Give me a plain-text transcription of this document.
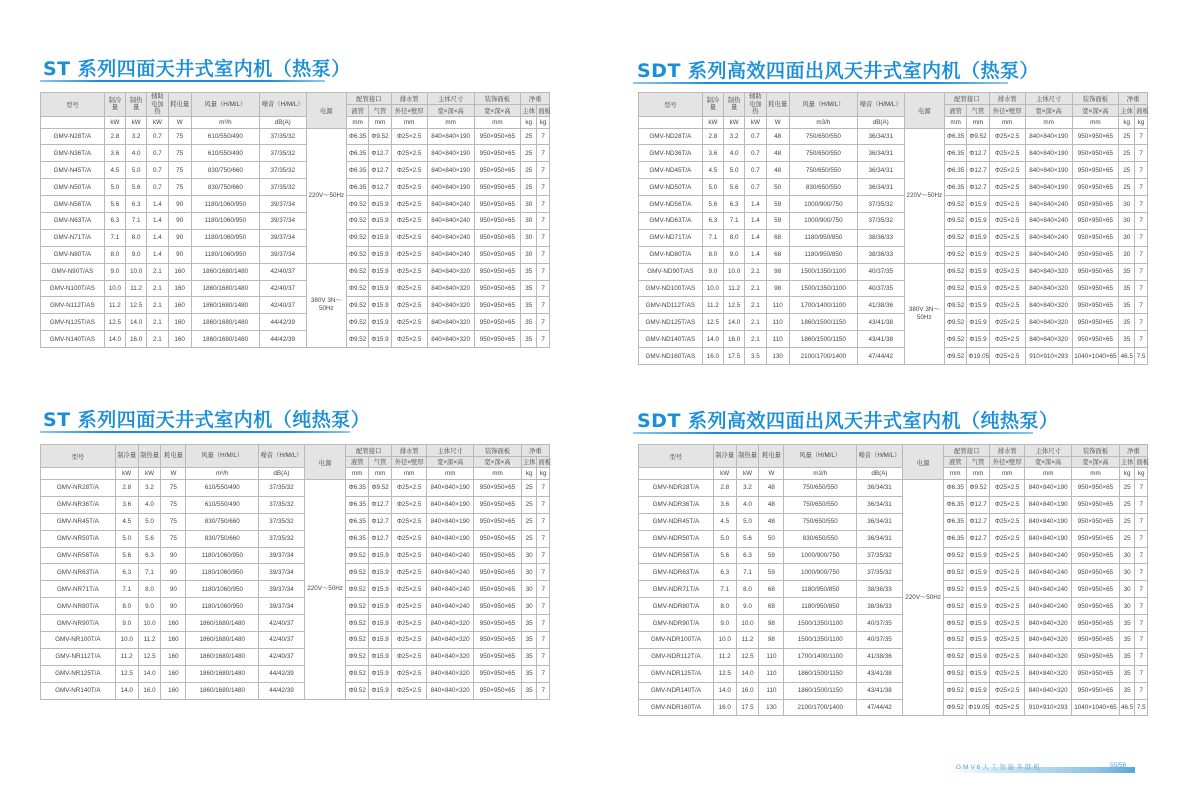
ST 系列四面天井式室内机（热泵）	SDT 系列高效四面出风天井式室内机（热泵）
ST 系列四面天井式室内机（纯热泵）	SDT 系列高效四面出风天井式室内机（纯热泵）
型号	制冷量	制热量	辅助电加热	耗电量	风量（H/M/L）	噪音（H/M/L）	电源	配管接口		排水管	主体尺寸	装饰面板	净重	
								液管	气管	外径×壁厚	宽×深×高	宽×深×高	主体	面板
	kW	kW	kW	W	m³/h	dB(A)		mm	mm	mm	mm	mm	kg	kg
GMV-N28T/A	2.8	3.2	0.7	75	610/550/490	37/35/32	220V～50Hz	Φ6.35	Φ9.52	Φ25×2.5	840×840×190	950×950×65	25	7
GMV-N36T/A	3.6	4.0	0.7	75	610/550/490	37/35/32		Φ6.35	Φ12.7	Φ25×2.5	840×840×190	950×950×65	25	7
GMV-N45T/A	4.5	5.0	0.7	75	830/750/660	37/35/32		Φ6.35	Φ12.7	Φ25×2.5	840×840×190	950×950×65	25	7
GMV-N50T/A	5.0	5.6	0.7	75	830/750/660	37/35/32		Φ6.35	Φ12.7	Φ25×2.5	840×840×190	950×950×65	25	7
GMV-N56T/A	5.6	6.3	1.4	90	1180/1060/950	39/37/34		Φ9.52	Φ15.9	Φ25×2.5	840×840×240	950×950×65	30	7
GMV-N63T/A	6.3	7.1	1.4	90	1180/1060/950	39/37/34		Φ9.52	Φ15.9	Φ25×2.5	840×840×240	950×950×65	30	7
GMV-N71T/A	7.1	8.0	1.4	90	1180/1060/950	39/37/34		Φ9.52	Φ15.9	Φ25×2.5	840×840×240	950×950×65	30	7
GMV-N80T/A	8.0	9.0	1.4	90	1180/1060/950	39/37/34		Φ9.52	Φ15.9	Φ25×2.5	840×840×240	950×950×65	30	7
GMV-N90T/AS	9.0	10.0	2.1	160	1860/1680/1480	42/40/37	380V 3N～50Hz	Φ9.52	Φ15.9	Φ25×2.5	840×840×320	950×950×65	35	7
GMV-N100T/AS	10.0	11.2	2.1	160	1860/1680/1480	42/40/37		Φ9.52	Φ15.9	Φ25×2.5	840×840×320	950×950×65	35	7
GMV-N112T/AS	11.2	12.5	2.1	160	1860/1680/1480	42/40/37		Φ9.52	Φ15.9	Φ25×2.5	840×840×320	950×950×65	35	7
GMV-N125T/AS	12.5	14.0	2.1	160	1860/1680/1480	44/42/39		Φ9.52	Φ15.9	Φ25×2.5	840×840×320	950×950×65	35	7
GMV-N140T/AS	14.0	16.0	2.1	160	1860/1680/1480	44/42/39		Φ9.52	Φ15.9	Φ25×2.5	840×840×320	950×950×65	35	7
型号	制冷量	制热量	辅助电加热	耗电量	风量（H/M/L）	噪音（H/M/L）	电源	配管接口		排水管	主体尺寸	装饰面板	净重	
								液管	气管	外径×壁厚	宽×深×高	宽×深×高	主体	面板
	kW	kW	kW	W	m3/h	dB(A)		mm	mm	mm	mm	mm	kg	kg
GMV-ND28T/A	2.8	3.2	0.7	48	750/650/550	36/34/31	220V～50Hz	Φ6.35	Φ9.52	Φ25×2.5	840×840×190	950×950×65	25	7
GMV-ND36T/A	3.6	4.0	0.7	48	750/650/550	36/34/31		Φ6.35	Φ12.7	Φ25×2.5	840×840×190	950×950×65	25	7
GMV-ND45T/A	4.5	5.0	0.7	48	750/650/550	36/34/31		Φ6.35	Φ12.7	Φ25×2.5	840×840×190	950×950×65	25	7
GMV-ND50T/A	5.0	5.6	0.7	50	830/650/550	36/34/31		Φ6.35	Φ12.7	Φ25×2.5	840×840×190	950×950×65	25	7
GMV-ND56T/A	5.6	6.3	1.4	59	1000/900/750	37/35/32		Φ9.52	Φ15.9	Φ25×2.5	840×840×240	950×950×65	30	7
GMV-ND63T/A	6.3	7.1	1.4	59	1000/900/750	37/35/32		Φ9.52	Φ15.9	Φ25×2.5	840×840×240	950×950×65	30	7
GMV-ND71T/A	7.1	8.0	1.4	68	1180/950/850	38/36/33		Φ9.52	Φ15.9	Φ25×2.5	840×840×240	950×950×65	30	7
GMV-ND80T/A	8.0	9.0	1.4	68	1180/950/850	38/36/33		Φ9.52	Φ15.9	Φ25×2.5	840×840×240	950×950×65	30	7
GMV-ND90T/AS	9.0	10.0	2.1	98	1500/1350/1100	40/37/35	380V 3N～50Hz	Φ9.52	Φ15.9	Φ25×2.5	840×840×320	950×950×65	35	7
GMV-ND100T/AS	10.0	11.2	2.1	98	1500/1350/1100	40/37/35		Φ9.52	Φ15.9	Φ25×2.5	840×840×320	950×950×65	35	7
GMV-ND112T/AS	11.2	12.5	2.1	110	1700/1400/1100	41/38/36		Φ9.52	Φ15.9	Φ25×2.5	840×840×320	950×950×65	35	7
GMV-ND125T/AS	12.5	14.0	2.1	110	1860/1500/1150	43/41/38		Φ9.52	Φ15.9	Φ25×2.5	840×840×320	950×950×65	35	7
GMV-ND140T/AS	14.0	16.0	2.1	110	1860/1500/1150	43/41/38		Φ9.52	Φ15.9	Φ25×2.5	840×840×320	950×950×65	35	7
GMV-ND160T/AS	16.0	17.5	3.5	130	2100/1700/1400	47/44/42		Φ9.52	Φ19.05	Φ25×2.5	910×910×293	1040×1040×65	46.5	7.5
型号	制冷量	制热量	耗电量	风量（H/M/L）	噪音（H/M/L）	电源	配管接口		排水管	主体尺寸	装饰面板	净重	
							液管	气管	外径×壁厚	宽×深×高	宽×深×高	主体	面板
	kW	kW	W	m³/h	dB(A)		mm	mm	mm	mm	mm	kg	kg
GMV-NR28T/A	2.8	3.2	75	610/550/490	37/35/32	220V～50Hz	Φ6.35	Φ9.52	Φ25×2.5	840×840×190	950×950×65	25	7
GMV-NR36T/A	3.6	4.0	75	610/550/490	37/35/32		Φ6.35	Φ12.7	Φ25×2.5	840×840×190	950×950×65	25	7
GMV-NR45T/A	4.5	5.0	75	830/750/660	37/35/32		Φ6.35	Φ12.7	Φ25×2.5	840×840×190	950×950×65	25	7
GMV-NR50T/A	5.0	5.6	75	830/750/660	37/35/32		Φ6.35	Φ12.7	Φ25×2.5	840×840×190	950×950×65	25	7
GMV-NR56T/A	5.6	6.3	90	1180/1060/950	39/37/34		Φ9.52	Φ15.9	Φ25×2.5	840×840×240	950×950×65	30	7
GMV-NR63T/A	6.3	7.1	90	1180/1060/950	39/37/34		Φ9.52	Φ15.9	Φ25×2.5	840×840×240	950×950×65	30	7
GMV-NR71T/A	7.1	8.0	90	1180/1060/950	39/37/34		Φ9.52	Φ15.9	Φ25×2.5	840×840×240	950×950×65	30	7
GMV-NR80T/A	8.0	9.0	90	1180/1060/950	39/37/34		Φ9.52	Φ15.9	Φ25×2.5	840×840×240	950×950×65	30	7
GMV-NR90T/A	9.0	10.0	160	1860/1680/1480	42/40/37		Φ9.52	Φ15.9	Φ25×2.5	840×840×320	950×950×65	35	7
GMV-NR100T/A	10.0	11.2	160	1860/1680/1480	42/40/37		Φ9.52	Φ15.9	Φ25×2.5	840×840×320	950×950×65	35	7
GMV-NR112T/A	11.2	12.5	160	1860/1680/1480	42/40/37		Φ9.52	Φ15.9	Φ25×2.5	840×840×320	950×950×65	35	7
GMV-NR125T/A	12.5	14.0	160	1860/1680/1480	44/42/39		Φ9.52	Φ15.9	Φ25×2.5	840×840×320	950×950×65	35	7
GMV-NR140T/A	14.0	16.0	160	1860/1680/1480	44/42/39		Φ9.52	Φ15.9	Φ25×2.5	840×840×320	950×950×65	35	7
型号	制冷量	制热量	耗电量	风量（H/M/L）	噪音（H/M/L）	电源	配管接口		排水管	主体尺寸	装饰面板	净重	
							液管	气管	外径×壁厚	宽×深×高	宽×深×高	主体	面板
	kW	kW	W	m3/h	dB(A)		mm	mm	mm	mm	mm	kg	kg
GMV-NDR28T/A	2.8	3.2	48	750/650/550	36/34/31	220V～50Hz	Φ6.35	Φ9.52	Φ25×2.5	840×840×190	950×950×65	25	7
GMV-NDR36T/A	3.6	4.0	48	750/650/550	36/34/31		Φ6.35	Φ12.7	Φ25×2.5	840×840×190	950×950×65	25	7
GMV-NDR45T/A	4.5	5.0	48	750/650/550	36/34/31		Φ6.35	Φ12.7	Φ25×2.5	840×840×190	950×950×65	25	7
GMV-NDR50T/A	5.0	5.6	50	830/650/550	36/34/31		Φ6.35	Φ12.7	Φ25×2.5	840×840×190	950×950×65	25	7
GMV-NDR56T/A	5.6	6.3	59	1000/900/750	37/35/32		Φ9.52	Φ15.9	Φ25×2.5	840×840×240	950×950×65	30	7
GMV-NDR63T/A	6.3	7.1	59	1000/900/750	37/35/32		Φ9.52	Φ15.9	Φ25×2.5	840×840×240	950×950×65	30	7
GMV-NDR71T/A	7.1	8.0	68	1180/950/850	38/36/33		Φ9.52	Φ15.9	Φ25×2.5	840×840×240	950×950×65	30	7
GMV-NDR80T/A	8.0	9.0	68	1180/950/850	38/36/33		Φ9.52	Φ15.9	Φ25×2.5	840×840×240	950×950×65	30	7
GMV-NDR90T/A	9.0	10.0	98	1500/1350/1100	40/37/35		Φ9.52	Φ15.9	Φ25×2.5	840×840×320	950×950×65	35	7
GMV-NDR100T/A	10.0	11.2	98	1500/1350/1100	40/37/35		Φ9.52	Φ15.9	Φ25×2.5	840×840×320	950×950×65	35	7
GMV-NDR112T/A	11.2	12.5	110	1700/1400/1100	41/38/36		Φ9.52	Φ15.9	Φ25×2.5	840×840×320	950×950×65	35	7
GMV-NDR125T/A	12.5	14.0	110	1860/1500/1150	43/41/38		Φ9.52	Φ15.9	Φ25×2.5	840×840×320	950×950×65	35	7
GMV-NDR140T/A	14.0	16.0	110	1860/1500/1150	43/41/38		Φ9.52	Φ15.9	Φ25×2.5	840×840×320	950×950×65	35	7
GMV-NDR160T/A	16.0	17.5	130	2100/1700/1400	47/44/42		Φ9.52	Φ19.05	Φ25×2.5	910×910×293	1040×1040×65	46.5	7.5
GMV6人工智能多联机	55/56
